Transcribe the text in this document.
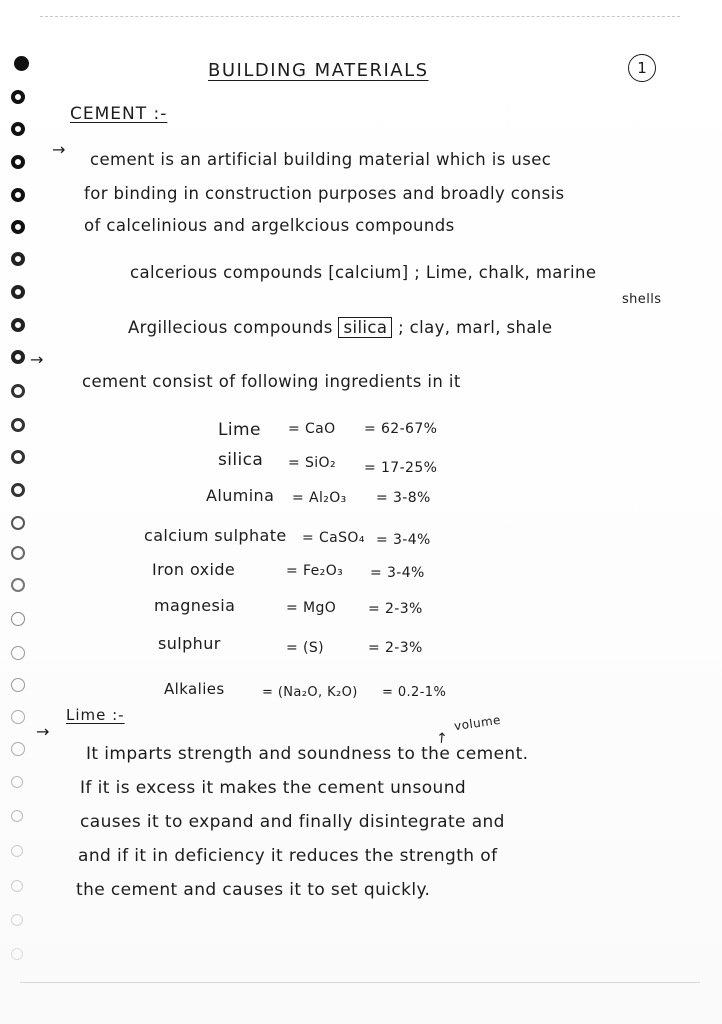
BUILDING MATERIALS	1
CEMENT :-
→
cement is an artificial building material which is usec
for binding in construction purposes and broadly consis
of calcelinious and argelkcious compounds
calcerious compounds [calcium] ; Lime, chalk, marine
shells
Argillecious compounds silica ; clay, marl, shale
→
cement consist of following ingredients in it
Lime = CaO = 62-67%
silica = SiO₂ = 17-25%
Alumina = Al₂O₃ = 3-8%
calcium sulphate = CaSO₄ = 3-4%
Iron oxide	= Fe₂O₃ = 3-4%
magnesia	= MgO = 2-3%
sulphur	= (S)	= 2-3%
Alkalies	= (Na₂O, K₂O) = 0.2-1%
→
Lime :-	volume
↗
It imparts strength and soundness to the cement.
If it is excess it makes the cement unsound
causes it to expand and finally disintegrate and
and if it in deficiency it reduces the strength of
the cement and causes it to set quickly.
